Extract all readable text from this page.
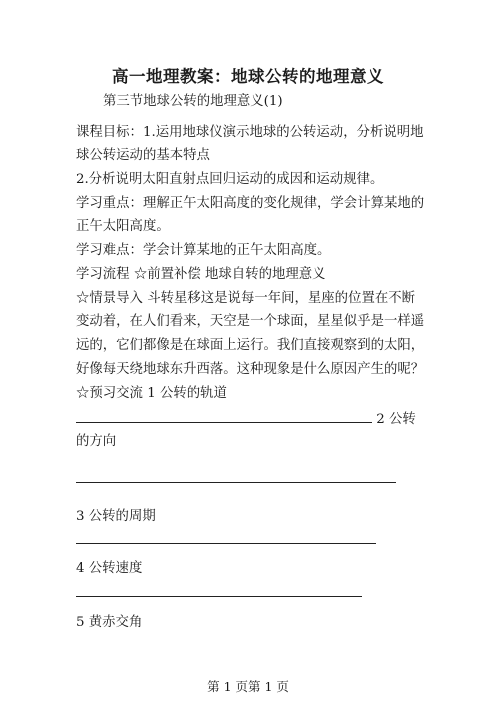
高一地理教案：地球公转的地理意义
第三节地球公转的地理意义(1)
课程目标：1.运用地球仪演示地球的公转运动，分析说明地
球公转运动的基本特点
2.分析说明太阳直射点回归运动的成因和运动规律。
学习重点：理解正午太阳高度的变化规律，学会计算某地的
正午太阳高度。
学习难点：学会计算某地的正午太阳高度。
学习流程 ☆前置补偿 地球自转的地理意义
☆情景导入 斗转星移这是说每一年间，星座的位置在不断
变动着，在人们看来，天空是一个球面，星星似乎是一样遥
远的，它们都像是在球面上运行。我们直接观察到的太阳，
好像每天绕地球东升西落。这种现象是什么原因产生的呢？
☆预习交流 1 公转的轨道
2 公转
的方向
3 公转的周期
4 公转速度
5 黄赤交角
第 1 页第 1 页
